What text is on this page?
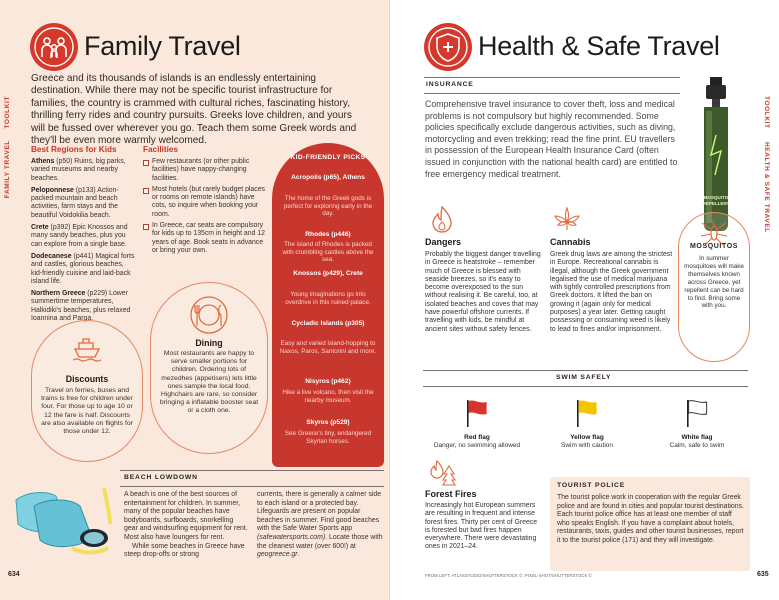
TOOLKIT
FAMILY TRAVEL
Family Travel
Greece and its thousands of islands is an endlessly entertaining destination. While there may not be specific tourist infrastructure for families, the country is crammed with cultural riches, fascinating history, thrilling ferry rides and country pursuits. Greeks love children, and yours will be fussed over wherever you go. Teach them some Greek words and they'll be even more warmly welcomed.
Best Regions for Kids
Athens (p50) Ruins, big parks, varied museums and nearby beaches.
Peloponnese (p133) Action-packed mountain and beach activities, farm stays and the beautiful Voidokilia beach.
Crete (p392) Epic Knossos and many sandy beaches, plus you can explore from a single base.
Dodecanese (p441) Magical forts and castles, glorious beaches, kid-friendly cuisine and laid-back island life.
Northern Greece (p229) Lower summertime temperatures, Halkidiki's beaches, plus relaxed Ioannina and Parga.
Facilities
Few restaurants (or other public facilities) have nappy-changing facilities.
Most hotels (but rarely budget places or rooms on remote islands) have cots, so inquire when booking your room.
In Greece, car seats are compulsory for kids up to 135cm in height and 12 years of age. Book seats in advance or bring your own.
Dining
Most restaurants are happy to serve smaller portions for children. Ordering lots of mezedhes (appetisers) lets little ones sample the local food. Highchairs are rare, so consider bringing a inflatable booster seat or a cloth one.
Discounts
Travel on ferries, buses and trains is free for children under four. For those up to age 10 or 12 the fare is half. Discounts are also available on flights for those under 12.
KID-FRIENDLY PICKS
Acropolis (p65), Athens
The home of the Greek gods is perfect for exploring early in the day.
Rhodes (p446)
The island of Rhodes is packed with crumbling castles above the sea.
Knossos (p429), Crete
Young imaginations go into overdrive in this ruined palace.
Cycladic Islands (p305)
Easy and varied island-hopping to Naxos, Paros, Santorini and more.
Nisyros (p462)
Hike a live volcano, then visit the nearby museum.
Skyros (p529)
See Greece's tiny, endangered Skyrian horses.
BEACH LOWDOWN
A beach is one of the best sources of entertainment for children. In summer, many of the popular beaches have bodyboards, surfboards, snorkelling gear and windsurfing equipment for rent. Most also have loungers for rent.
While some beaches in Greece have steep drop-offs or strong
currents, there is generally a calmer side to each island or a protected bay. Lifeguards are present on popular beaches in summer. Find good beaches with the Safe Water Sports app (safewatersports.com). Locate those with the cleanest water (over 600!) at geogreece.gr.
634
TOOLKIT
HEALTH & SAFE TRAVEL
Health & Safe Travel
INSURANCE
Comprehensive travel insurance to cover theft, loss and medical problems is not compulsory but highly recommended. Some policies specifically exclude dangerous activities, such as diving, motorcycling and even trekking; read the fine print. EU travellers in possession of the European Health Insurance Card (often issued in conjunction with the national health card) are entitled to free emergency medical treatment.
MOSQUITO REPELLENT
Dangers
Probably the biggest danger travelling in Greece is heatstroke – remember much of Greece is blessed with seaside breezes, so it's easy to become overexposed to the sun without realising it. Be careful, too, at isolated beaches and coves that may have powerful offshore currents. If travelling with kids, be mindful at ancient sites without safety fences.
Cannabis
Greek drug laws are among the strictest in Europe. Recreational cannabis is illegal, although the Greek government legalised the use of medical marijuana with tightly controlled prescriptions from Greek doctors. It lifted the ban on growing it (again only for medical purposes) a year later. Getting caught possessing or consuming weed is likely to lead to fines and/or imprisonment.
MOSQUITOS
In summer mosquitoes will make themselves known across Greece, yet repellent can be hard to find. Bring some with you.
SWIM SAFELY
Red flag
Danger, no swimming allowed
Yellow flag
Swim with caution
White flag
Calm, safe to swim
Forest Fires
Increasingly hot European summers are resulting in frequent and intense forest fires. Thirty per cent of Greece is forested but bad fires happen everywhere. There were devastating ones in 2021–24.
TOURIST POLICE
The tourist police work in cooperation with the regular Greek police and are found in cities and popular tourist destinations. Each tourist police office has at least one member of staff who speaks English. If you have a complaint about hotels, restaurants, taxis, guides and other tourist businesses, report it to the tourist police (171) and they will investigate.
FROM LEFT: ATLASSTUDIO/SHUTTERSTOCK ©, PIXEL-SHOT/SHUTTERSTOCK ©	635
